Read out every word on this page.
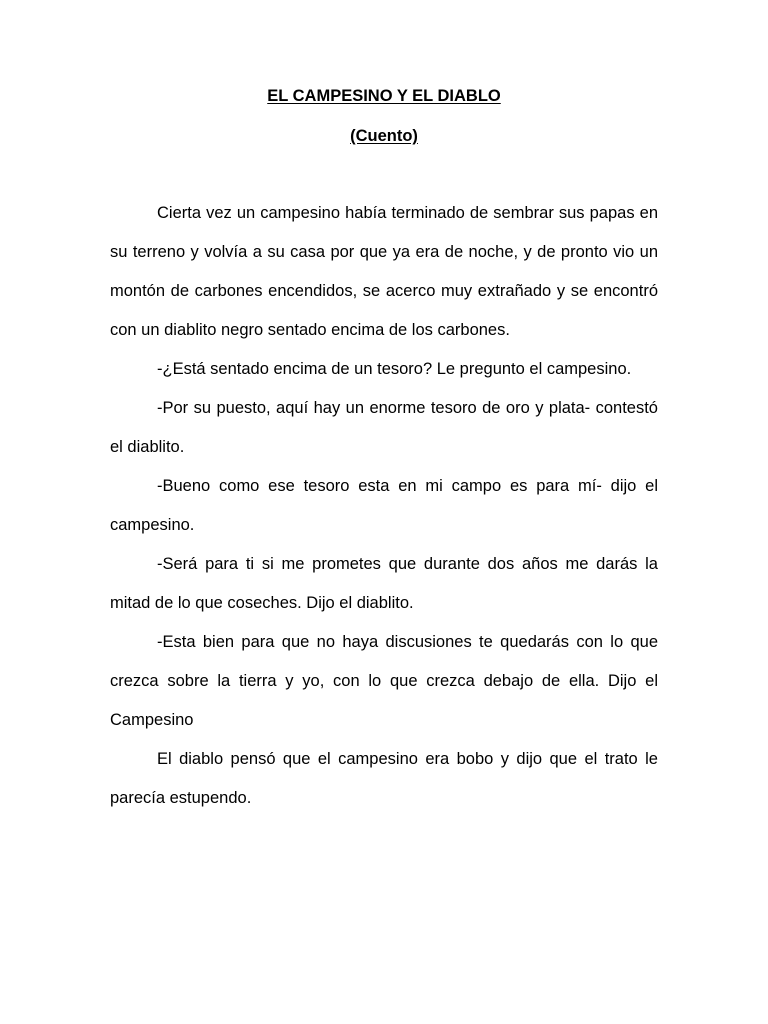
EL CAMPESINO Y EL DIABLO
(Cuento)

Cierta vez un campesino había terminado de sembrar sus papas en su terreno y volvía a su casa por que ya era de noche, y de pronto vio un montón de carbones encendidos, se acerco muy extrañado y se encontró con un diablito negro sentado encima de los carbones.

-¿Está sentado encima de un tesoro? Le pregunto el campesino.

-Por su puesto, aquí hay un enorme tesoro de oro y plata- contestó el diablito.

-Bueno como ese tesoro esta en mi campo es para mí- dijo el campesino.

-Será para ti si me prometes que durante dos años me darás la mitad de lo que coseches. Dijo el diablito.

-Esta bien para que no haya discusiones te quedarás con lo que crezca sobre la tierra y yo, con lo que crezca debajo de ella. Dijo el Campesino

El diablo pensó que el campesino era bobo y dijo que el trato le parecía estupendo.
